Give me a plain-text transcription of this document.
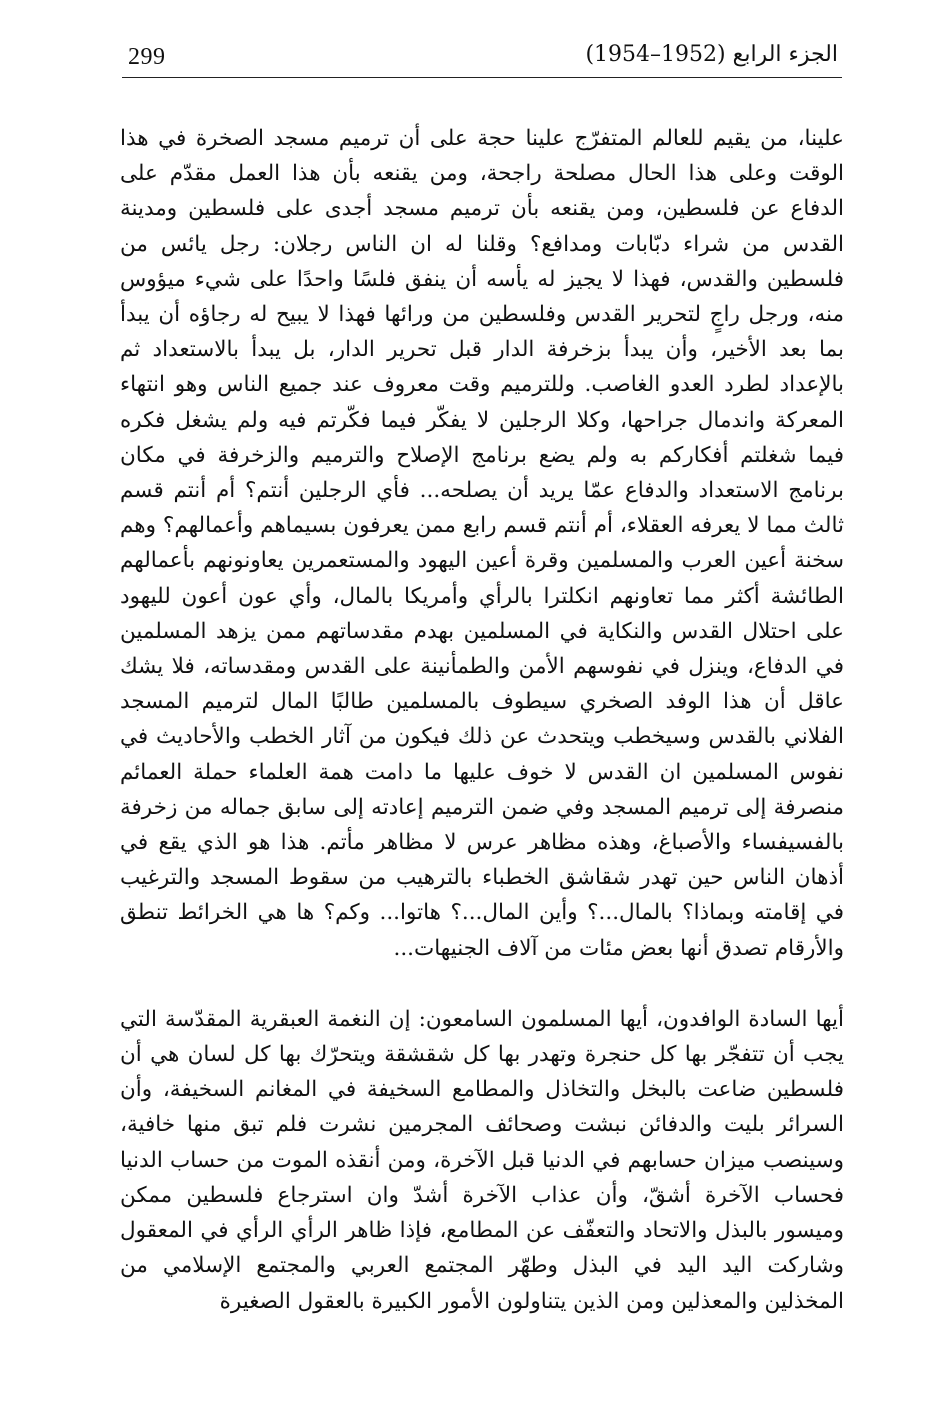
299	الجزء الرابع (1952–1954)

علينا، من يقيم للعالم المتفرّج علينا حجة على أن ترميم مسجد الصخرة في هذا الوقت وعلى هذا الحال مصلحة راجحة، ومن يقنعه بأن هذا العمل مقدّم على الدفاع عن فلسطين، ومن يقنعه بأن ترميم مسجد أجدى على فلسطين ومدينة القدس من شراء دبّابات ومدافع؟ وقلنا له ان الناس رجلان: رجل يائس من فلسطين والقدس، فهذا لا يجيز له يأسه أن ينفق فلسًا واحدًا على شيء ميؤوس منه، ورجل راجٍ لتحرير القدس وفلسطين من ورائها فهذا لا يبيح له رجاؤه أن يبدأ بما بعد الأخير، وأن يبدأ بزخرفة الدار قبل تحرير الدار، بل يبدأ بالاستعداد ثم بالإعداد لطرد العدو الغاصب. وللترميم وقت معروف عند جميع الناس وهو انتهاء المعركة واندمال جراحها، وكلا الرجلين لا يفكّر فيما فكّرتم فيه ولم يشغل فكره فيما شغلتم أفكاركم به ولم يضع برنامج الإصلاح والترميم والزخرفة في مكان برنامج الاستعداد والدفاع عمّا يريد أن يصلحه... فأي الرجلين أنتم؟ أم أنتم قسم ثالث مما لا يعرفه العقلاء، أم أنتم قسم رابع ممن يعرفون بسيماهم وأعمالهم؟ وهم سخنة أعين العرب والمسلمين وقرة أعين اليهود والمستعمرين يعاونونهم بأعمالهم الطائشة أكثر مما تعاونهم انكلترا بالرأي وأمريكا بالمال، وأي عون أعون لليهود على احتلال القدس والنكاية في المسلمين بهدم مقدساتهم ممن يزهد المسلمين في الدفاع، وينزل في نفوسهم الأمن والطمأنينة على القدس ومقدساته، فلا يشك عاقل أن هذا الوفد الصخري سيطوف بالمسلمين طالبًا المال لترميم المسجد الفلاني بالقدس وسيخطب ويتحدث عن ذلك فيكون من آثار الخطب والأحاديث في نفوس المسلمين ان القدس لا خوف عليها ما دامت همة العلماء حملة العمائم منصرفة إلى ترميم المسجد وفي ضمن الترميم إعادته إلى سابق جماله من زخرفة بالفسيفساء والأصباغ، وهذه مظاهر عرس لا مظاهر مأتم. هذا هو الذي يقع في أذهان الناس حين تهدر شقاشق الخطباء بالترهيب من سقوط المسجد والترغيب في إقامته وبماذا؟ بالمال...؟ وأين المال...؟ هاتوا... وكم؟ ها هي الخرائط تنطق والأرقام تصدق أنها بعض مئات من آلاف الجنيهات...

أيها السادة الوافدون، أيها المسلمون السامعون: إن النغمة العبقرية المقدّسة التي يجب أن تتفجّر بها كل حنجرة وتهدر بها كل شقشقة ويتحرّك بها كل لسان هي أن فلسطين ضاعت بالبخل والتخاذل والمطامع السخيفة في المغانم السخيفة، وأن السرائر بليت والدفائن نبشت وصحائف المجرمين نشرت فلم تبق منها خافية، وسينصب ميزان حسابهم في الدنيا قبل الآخرة، ومن أنقذه الموت من حساب الدنيا فحساب الآخرة أشقّ، وأن عذاب الآخرة أشدّ وان استرجاع فلسطين ممكن وميسور بالبذل والاتحاد والتعفّف عن المطامع، فإذا ظاهر الرأي الرأي في المعقول وشاركت اليد اليد في البذل وطهّر المجتمع العربي والمجتمع الإسلامي من المخذلين والمعذلين ومن الذين يتناولون الأمور الكبيرة بالعقول الصغيرة
